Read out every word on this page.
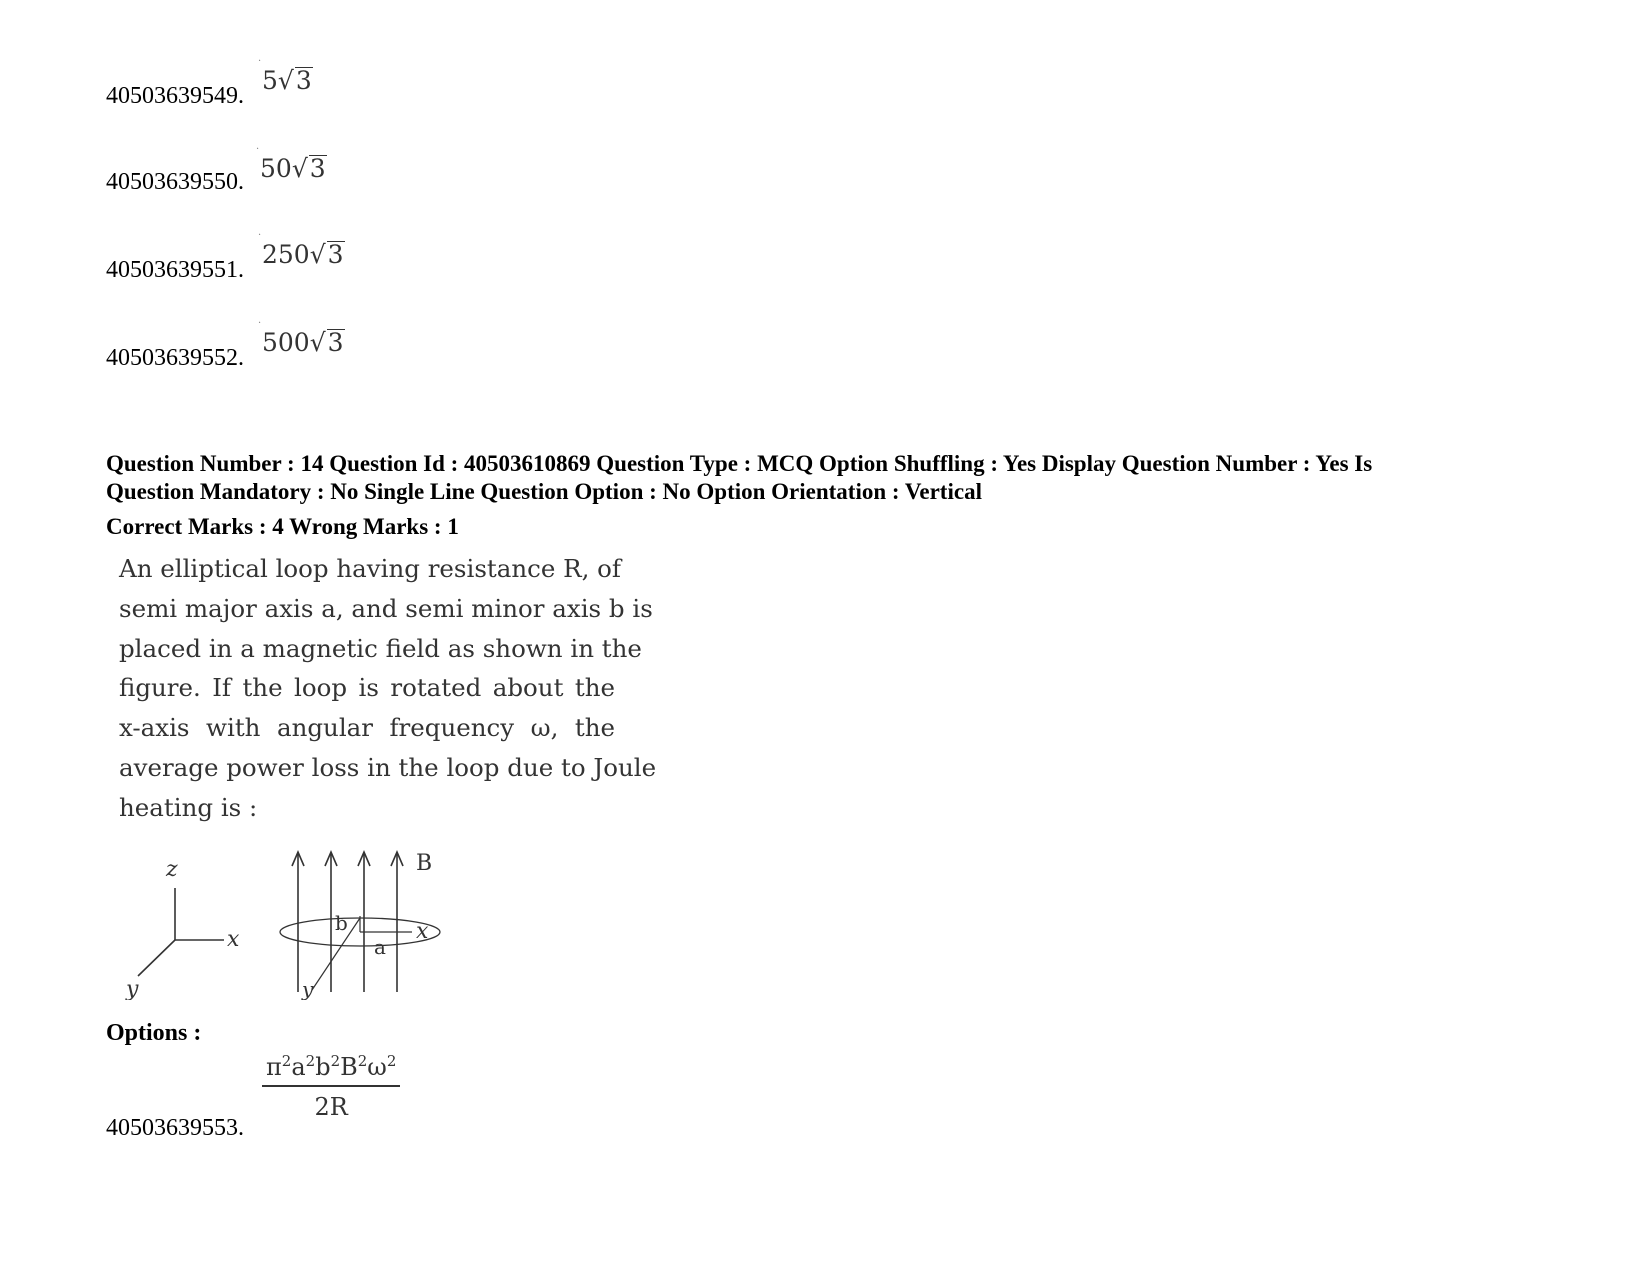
40503639549.
·
5√3
40503639550.
·
50√3
40503639551.
·
250√3
40503639552.
·
500√3
Question Number : 14 Question Id : 40503610869 Question Type : MCQ Option Shuffling : Yes Display Question Number : Yes Is
Question Mandatory : No Single Line Question Option : No Option Orientation : Vertical
Correct Marks : 4 Wrong Marks : 1
An elliptical loop having resistance R, of
semi major axis a, and semi minor axis b is
placed in a magnetic field as shown in the
figure. If the loop is rotated about the
x-axis with angular frequency ω, the
average power loss in the loop due to Joule
heating is :
z
x
y
B
b
a
x
y
Options :
40503639553.
$\frac{\pi^2a^2b^2B^2\omega^2}{2R}$
